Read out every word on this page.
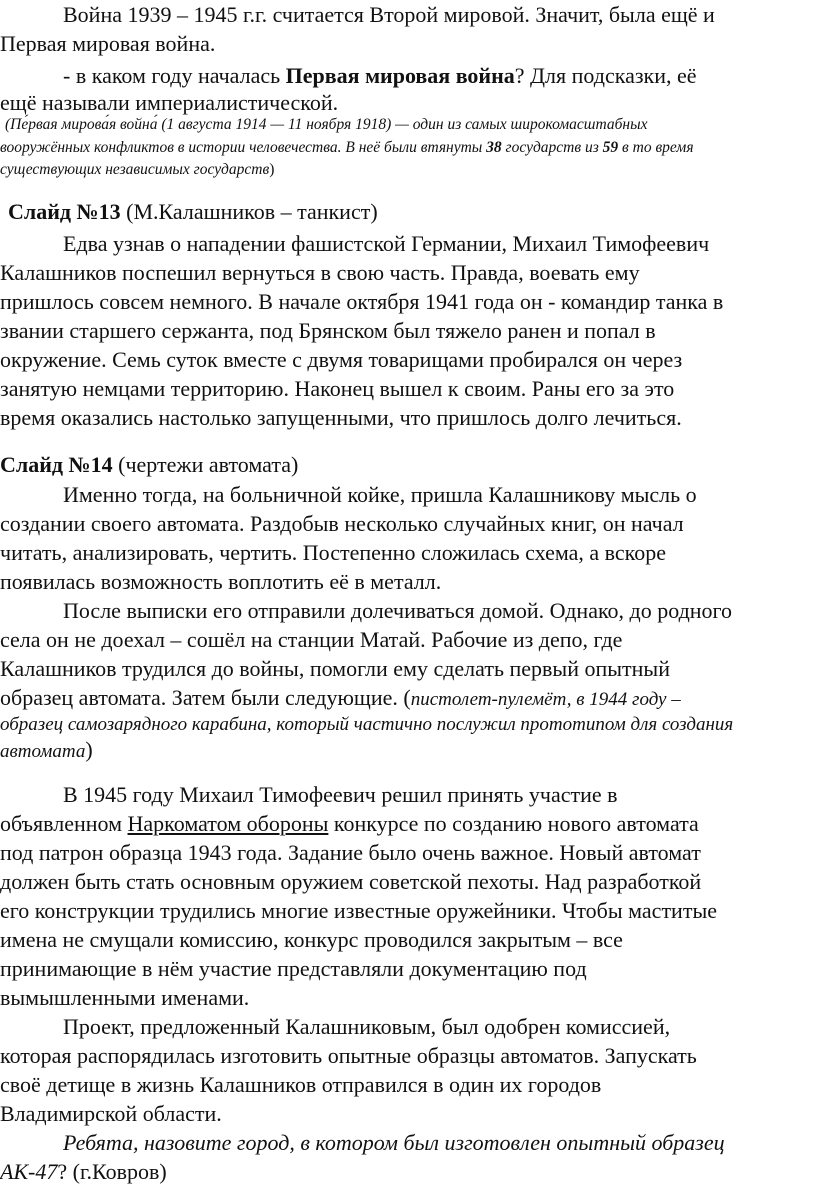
Война 1939 – 1945 г.г. считается Второй мировой. Значит, была ещё и
Первая мировая война.
- в каком году началась Первая мировая война? Для подсказки, её
ещё называли империалистической.
(Пе́рвая мирова́я война́ (1 августа 1914 — 11 ноября 1918) — один из самых широкомасштабных
вооружённых конфликтов в истории человечества. В неё были втянуты 38 государств из 59 в то время
существующих независимых государств)
Слайд №13 (М.Калашников – танкист)
Едва узнав о нападении фашистской Германии, Михаил Тимофеевич
Калашников поспешил вернуться в свою часть. Правда, воевать ему
пришлось совсем немного. В начале октября 1941 года он - командир танка в
звании старшего сержанта, под Брянском был тяжело ранен и попал в
окружение. Семь суток вместе с двумя товарищами пробирался он через
занятую немцами территорию. Наконец вышел к своим. Раны его за это
время оказались настолько запущенными, что пришлось долго лечиться.
Слайд №14 (чертежи автомата)
Именно тогда, на больничной койке, пришла Калашникову мысль о
создании своего автомата. Раздобыв несколько случайных книг, он начал
читать, анализировать, чертить. Постепенно сложилась схема, а вскоре
появилась возможность воплотить её в металл.
После выписки его отправили долечиваться домой. Однако, до родного
села он не доехал – сошёл на станции Матай. Рабочие из депо, где
Калашников трудился до войны, помогли ему сделать первый опытный
образец автомата. Затем были следующие. (пистолет-пулемёт, в 1944 году –
образец самозарядного карабина, который частично послужил прототипом для создания
автомата)
В 1945 году Михаил Тимофеевич решил принять участие в
объявленном Наркоматом обороны конкурсе по созданию нового автомата
под патрон образца 1943 года. Задание было очень важное. Новый автомат
должен быть стать основным оружием советской пехоты. Над разработкой
его конструкции трудились многие известные оружейники. Чтобы маститые
имена не смущали комиссию, конкурс проводился закрытым – все
принимающие в нём участие представляли документацию под
вымышленными именами.
Проект, предложенный Калашниковым, был одобрен комиссией,
которая распорядилась изготовить опытные образцы автоматов. Запускать
своё детище в жизнь Калашников отправился в один их городов
Владимирской области.
Ребята, назовите город, в котором был изготовлен опытный образец
АК-47? (г.Ковров)
